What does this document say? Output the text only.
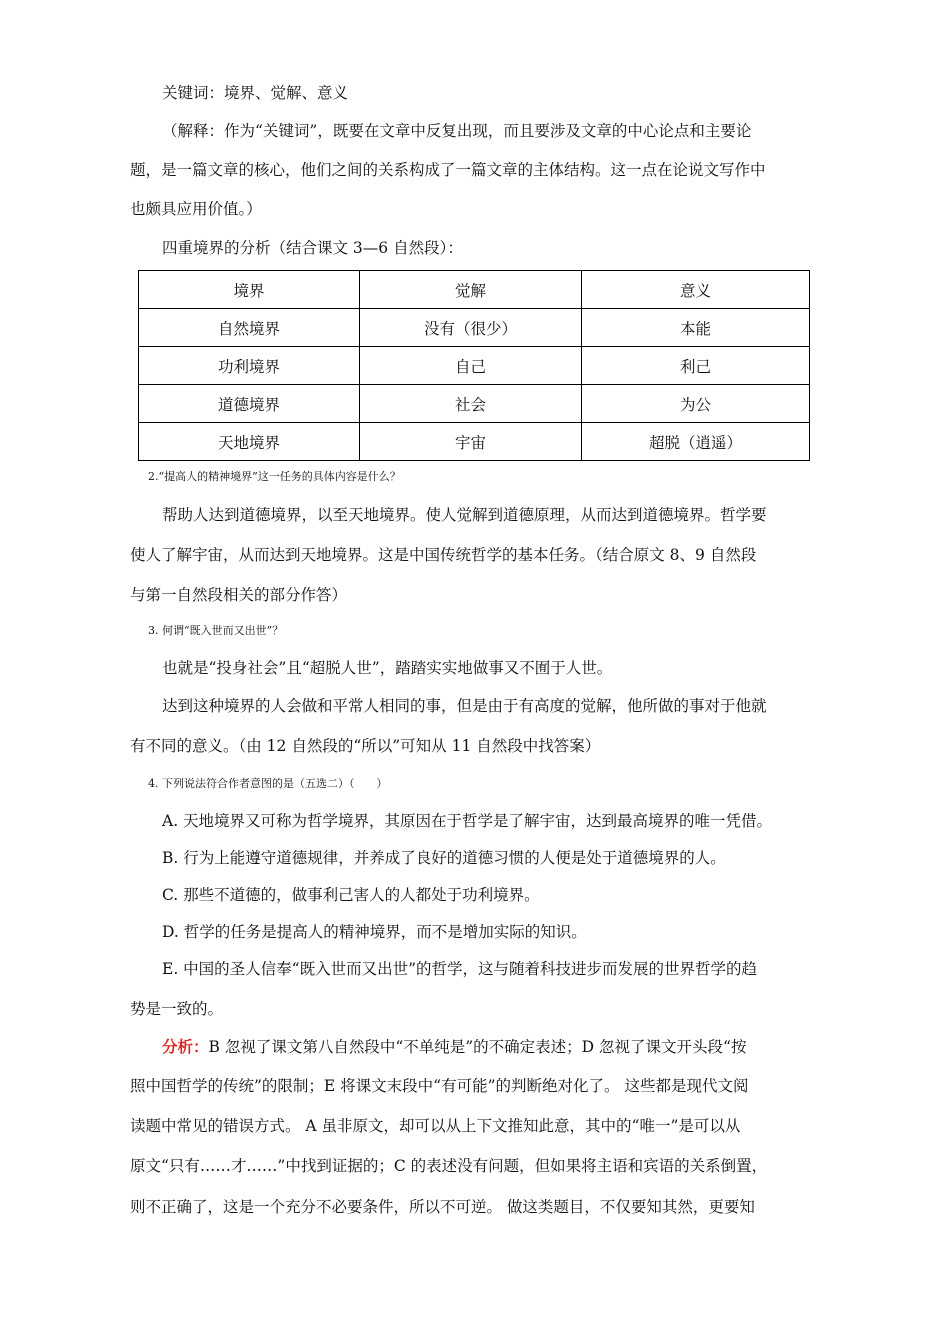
关键词：境界、觉解、意义
（解释：作为“关键词”，既要在文章中反复出现，而且要涉及文章的中心论点和主要论
题，是一篇文章的核心，他们之间的关系构成了一篇文章的主体结构。这一点在论说文写作中
也颇具应用价值。）
四重境界的分析（结合课文 3—6 自然段）：
境界	觉解	意义
自然境界	没有（很少）	本能
功利境界	自己	利己
道德境界	社会	为公
天地境界	宇宙	超脱（逍遥）
2.“提高人的精神境界”这一任务的具体内容是什么？
帮助人达到道德境界，以至天地境界。使人觉解到道德原理，从而达到道德境界。哲学要
使人了解宇宙，从而达到天地境界。这是中国传统哲学的基本任务。（结合原文 8、9 自然段
与第一自然段相关的部分作答）
3. 何谓“既入世而又出世”？
也就是“投身社会”且“超脱人世”，踏踏实实地做事又不囿于人世。
达到这种境界的人会做和平常人相同的事，但是由于有高度的觉解，他所做的事对于他就
有不同的意义。（由 12 自然段的“所以”可知从 11 自然段中找答案）
4. 下列说法符合作者意图的是（五选二）（　　）
A. 天地境界又可称为哲学境界，其原因在于哲学是了解宇宙，达到最高境界的唯一凭借。
B. 行为上能遵守道德规律，并养成了良好的道德习惯的人便是处于道德境界的人。
C. 那些不道德的，做事利己害人的人都处于功利境界。
D. 哲学的任务是提高人的精神境界，而不是增加实际的知识。
E. 中国的圣人信奉“既入世而又出世”的哲学，这与随着科技进步而发展的世界哲学的趋
势是一致的。
分析：B 忽视了课文第八自然段中“不单纯是”的不确定表述；D 忽视了课文开头段“按
照中国哲学的传统”的限制；E 将课文末段中“有可能”的判断绝对化了。 这些都是现代文阅
读题中常见的错误方式。 A 虽非原文，却可以从上下文推知此意，其中的“唯一”是可以从
原文“只有……才……”中找到证据的；C 的表述没有问题，但如果将主语和宾语的关系倒置，
则不正确了，这是一个充分不必要条件，所以不可逆。 做这类题目，不仅要知其然，更要知
